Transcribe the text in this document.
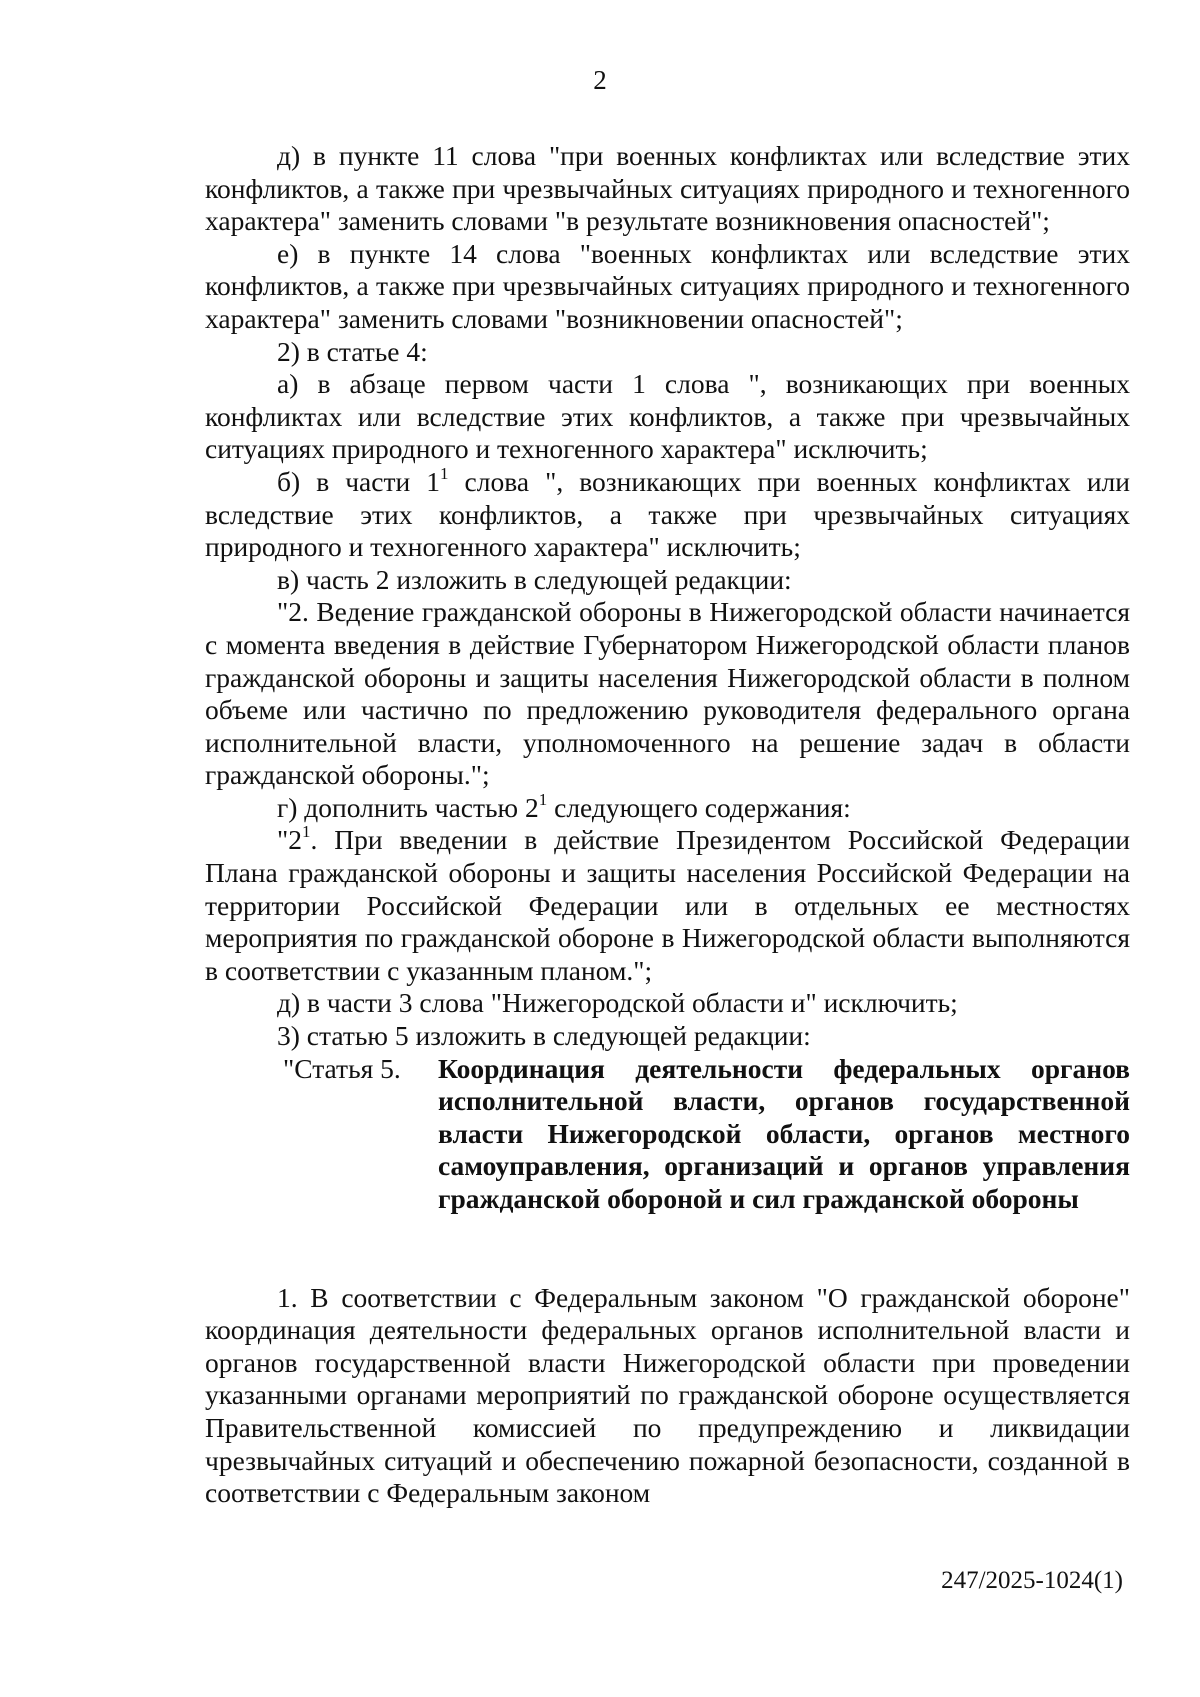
2

д) в пункте 11 слова "при военных конфликтах или вследствие этих конфликтов, а также при чрезвычайных ситуациях природного и техногенного характера" заменить словами "в результате возникновения опасностей";

е) в пункте 14 слова "военных конфликтах или вследствие этих конфликтов, а также при чрезвычайных ситуациях природного и техногенного характера" заменить словами "возникновении опасностей";

2) в статье 4:

а) в абзаце первом части 1 слова ", возникающих при военных конфликтах или вследствие этих конфликтов, а также при чрезвычайных ситуациях природного и техногенного характера" исключить;

б) в части $1^1$ слова ", возникающих при военных конфликтах или вследствие этих конфликтов, а также при чрезвычайных ситуациях природного и техногенного характера" исключить;

в) часть 2 изложить в следующей редакции:

"2. Ведение гражданской обороны в Нижегородской области начинается с момента введения в действие Губернатором Нижегородской области планов гражданской обороны и защиты населения Нижегородской области в полном объеме или частично по предложению руководителя федерального органа исполнительной власти, уполномоченного на решение задач в области гражданской обороны.";

г) дополнить частью $2^1$ следующего содержания:

"$2^1$. При введении в действие Президентом Российской Федерации Плана гражданской обороны и защиты населения Российской Федерации на территории Российской Федерации или в отдельных ее местностях мероприятия по гражданской обороне в Нижегородской области выполняются в соответствии с указанным планом.";

д) в части 3 слова "Нижегородской области и" исключить;

3) статью 5 изложить в следующей редакции:

"Статья 5.	Координация деятельности федеральных органов исполнительной власти, органов государственной власти Нижегородской области, органов местного самоуправления, организаций и органов управления гражданской обороной и сил гражданской обороны

1. В соответствии с Федеральным законом "О гражданской обороне" координация деятельности федеральных органов исполнительной власти и органов государственной власти Нижегородской области при проведении указанными органами мероприятий по гражданской обороне осуществляется Правительственной комиссией по предупреждению и ликвидации чрезвычайных ситуаций и обеспечению пожарной безопасности, созданной в соответствии с Федеральным законом

247/2025-1024(1)
